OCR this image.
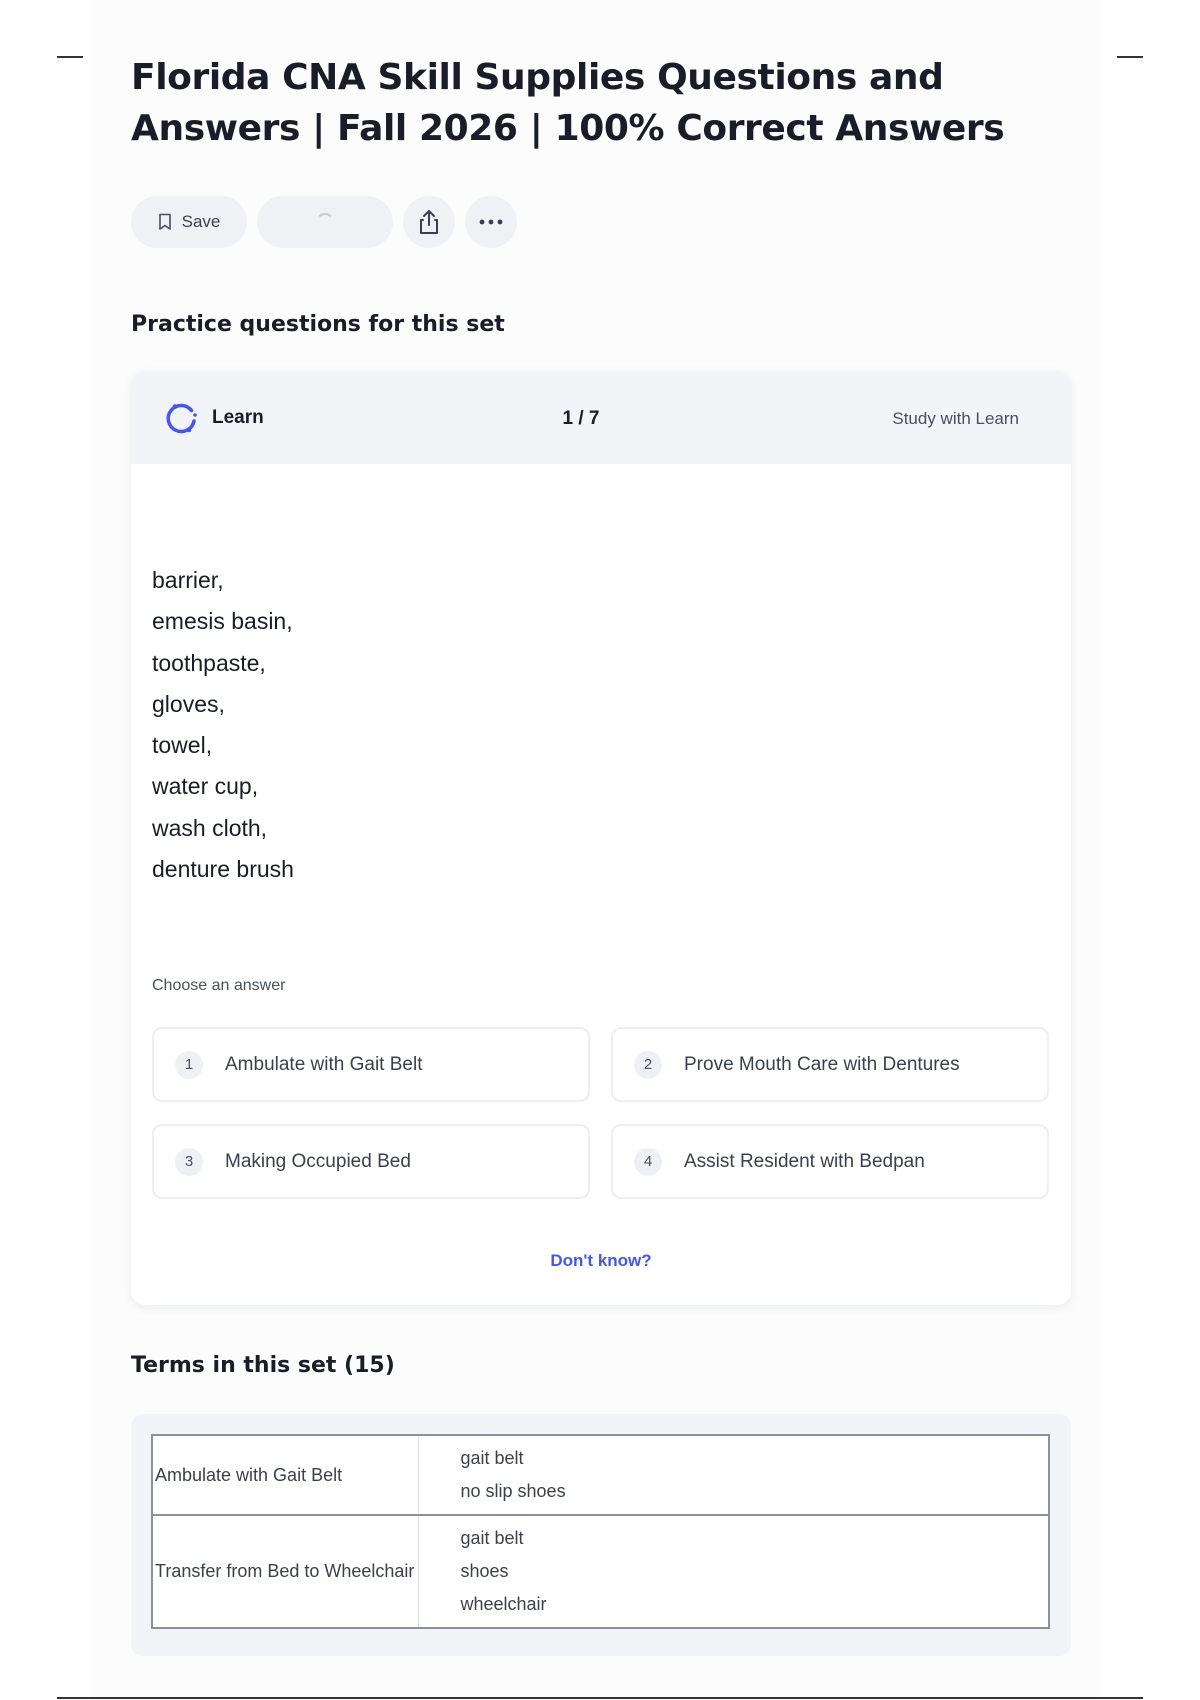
Florida CNA Skill Supplies Questions and Answers | Fall 2026 | 100% Correct Answers
Save
Practice questions for this set
Learn	1 / 7	Study with Learn
barrier,
emesis basin,
toothpaste,
gloves,
towel,
water cup,
wash cloth,
denture brush
Choose an answer
1	Ambulate with Gait Belt	2	Prove Mouth Care with Dentures
3	Making Occupied Bed	4	Assist Resident with Bedpan
Don't know?
Terms in this set (15)
Ambulate with Gait Belt	gait belt
no slip shoes

Transfer from Bed to Wheelchair	gait belt
shoes
wheelchair
